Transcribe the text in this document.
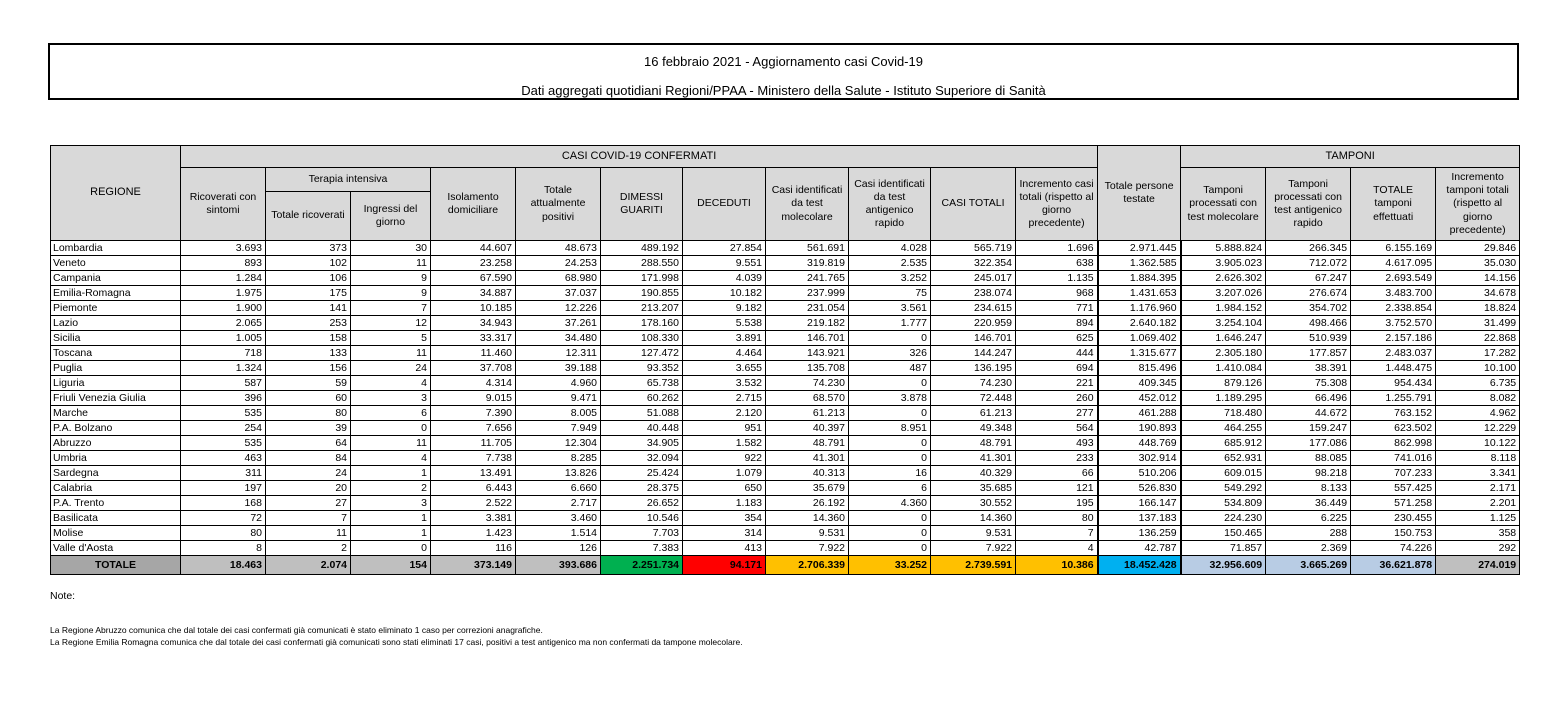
16 febbraio 2021 - Aggiornamento casi Covid-19
Dati aggregati quotidiani Regioni/PPAA - Ministero della Salute - Istituto Superiore di Sanità
REGIONE	CASI COVID-19 CONFERMATI											Totale persone testate	TAMPONI			
	Ricoverati con sintomi	Terapia intensiva		Isolamento domiciliare	Totale attualmente positivi	DIMESSI GUARITI	DECEDUTI	Casi identificati da test molecolare	Casi identificati da test antigenico rapido	CASI TOTALI	Incremento casi totali (rispetto al giorno precedente)		Tamponi processati con test molecolare	Tamponi processati con test antigenico rapido	TOTALE tamponi effettuati	Incremento tamponi totali (rispetto al giorno precedente)
		Totale ricoverati	Ingressi del giorno													
Lombardia	3.693	373	30	44.607	48.673	489.192	27.854	561.691	4.028	565.719	1.696	2.971.445	5.888.824	266.345	6.155.169	29.846
Veneto	893	102	11	23.258	24.253	288.550	9.551	319.819	2.535	322.354	638	1.362.585	3.905.023	712.072	4.617.095	35.030
Campania	1.284	106	9	67.590	68.980	171.998	4.039	241.765	3.252	245.017	1.135	1.884.395	2.626.302	67.247	2.693.549	14.156
Emilia-Romagna	1.975	175	9	34.887	37.037	190.855	10.182	237.999	75	238.074	968	1.431.653	3.207.026	276.674	3.483.700	34.678
Piemonte	1.900	141	7	10.185	12.226	213.207	9.182	231.054	3.561	234.615	771	1.176.960	1.984.152	354.702	2.338.854	18.824
Lazio	2.065	253	12	34.943	37.261	178.160	5.538	219.182	1.777	220.959	894	2.640.182	3.254.104	498.466	3.752.570	31.499
Sicilia	1.005	158	5	33.317	34.480	108.330	3.891	146.701	0	146.701	625	1.069.402	1.646.247	510.939	2.157.186	22.868
Toscana	718	133	11	11.460	12.311	127.472	4.464	143.921	326	144.247	444	1.315.677	2.305.180	177.857	2.483.037	17.282
Puglia	1.324	156	24	37.708	39.188	93.352	3.655	135.708	487	136.195	694	815.496	1.410.084	38.391	1.448.475	10.100
Liguria	587	59	4	4.314	4.960	65.738	3.532	74.230	0	74.230	221	409.345	879.126	75.308	954.434	6.735
Friuli Venezia Giulia	396	60	3	9.015	9.471	60.262	2.715	68.570	3.878	72.448	260	452.012	1.189.295	66.496	1.255.791	8.082
Marche	535	80	6	7.390	8.005	51.088	2.120	61.213	0	61.213	277	461.288	718.480	44.672	763.152	4.962
P.A. Bolzano	254	39	0	7.656	7.949	40.448	951	40.397	8.951	49.348	564	190.893	464.255	159.247	623.502	12.229
Abruzzo	535	64	11	11.705	12.304	34.905	1.582	48.791	0	48.791	493	448.769	685.912	177.086	862.998	10.122
Umbria	463	84	4	7.738	8.285	32.094	922	41.301	0	41.301	233	302.914	652.931	88.085	741.016	8.118
Sardegna	311	24	1	13.491	13.826	25.424	1.079	40.313	16	40.329	66	510.206	609.015	98.218	707.233	3.341
Calabria	197	20	2	6.443	6.660	28.375	650	35.679	6	35.685	121	526.830	549.292	8.133	557.425	2.171
P.A. Trento	168	27	3	2.522	2.717	26.652	1.183	26.192	4.360	30.552	195	166.147	534.809	36.449	571.258	2.201
Basilicata	72	7	1	3.381	3.460	10.546	354	14.360	0	14.360	80	137.183	224.230	6.225	230.455	1.125
Molise	80	11	1	1.423	1.514	7.703	314	9.531	0	9.531	7	136.259	150.465	288	150.753	358
Valle d'Aosta	8	2	0	116	126	7.383	413	7.922	0	7.922	4	42.787	71.857	2.369	74.226	292
TOTALE	18.463	2.074	154	373.149	393.686	2.251.734	94.171	2.706.339	33.252	2.739.591	10.386	18.452.428	32.956.609	3.665.269	36.621.878	274.019
Note:
La Regione Abruzzo comunica che dal totale dei casi confermati già comunicati è stato eliminato 1 caso per correzioni anagrafiche.
La Regione Emilia Romagna comunica che dal totale dei casi confermati già comunicati sono stati eliminati 17 casi, positivi a test antigenico ma non confermati da tampone molecolare.
